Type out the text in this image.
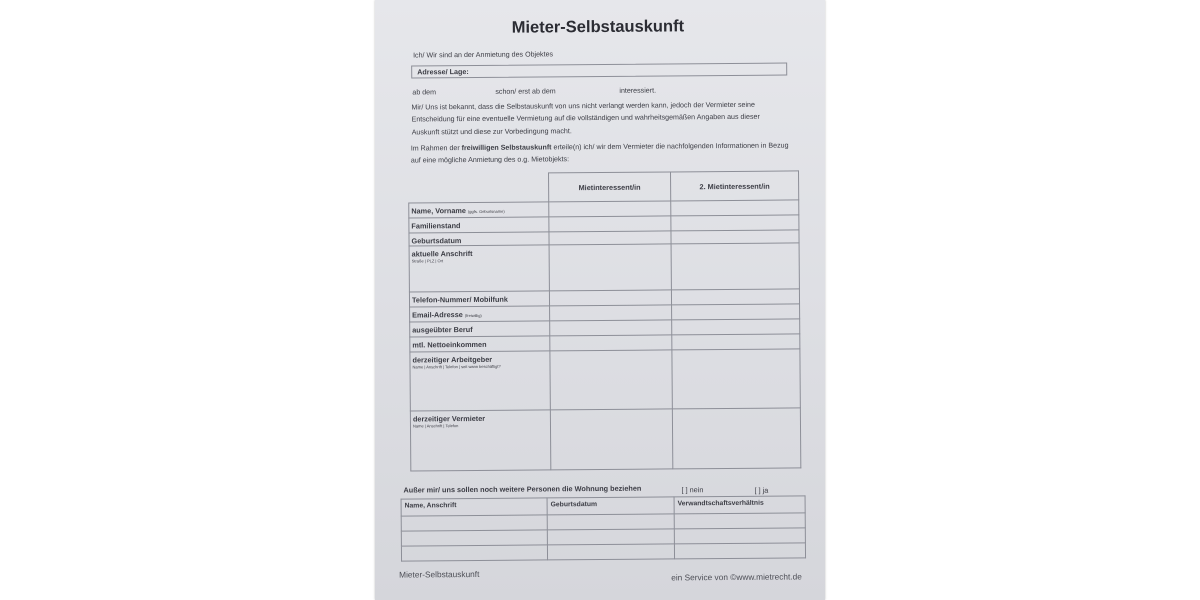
Mieter-Selbstauskunft
Ich/ Wir sind an der Anmietung des Objektes
Adresse/ Lage:
ab dem	schon/ erst ab dem	interessiert.
Mir/ Uns ist bekannt, dass die Selbstauskunft von uns nicht verlangt werden kann, jedoch der Vermieter seine Entscheidung für eine eventuelle Vermietung auf die vollständigen und wahrheitsgemäßen Angaben aus dieser Auskunft stützt und diese zur Vorbedingung macht.
Im Rahmen der freiwilligen Selbstauskunft erteile(n) ich/ wir dem Vermieter die nachfolgenden Informationen in Bezug auf eine mögliche Anmietung des o.g. Mietobjekts:
	Mietinteressent/in	2. Mietinteressent/in
Name, Vorname (ggfs. Geburtsname)		
Familienstand		
Geburtsdatum		
aktuelle Anschrift
Straße | PLZ | Ort		

Telefon-Nummer/ Mobilfunk		
Email-Adresse (freiwillig)		
ausgeübter Beruf		
mtl. Nettoeinkommen		
derzeitiger Arbeitgeber
Name | Anschrift | Telefon | seit wann beschäftigt?		

derzeitiger Vermieter
Name | Anschrift | Telefon		

Außer mir/ uns sollen noch weitere Personen die Wohnung beziehen	[ ] nein	[ ] ja
Name, Anschrift	Geburtsdatum	Verwandtschaftsverhältnis

Mieter-Selbstauskunft	ein Service von ©www.mietrecht.de
